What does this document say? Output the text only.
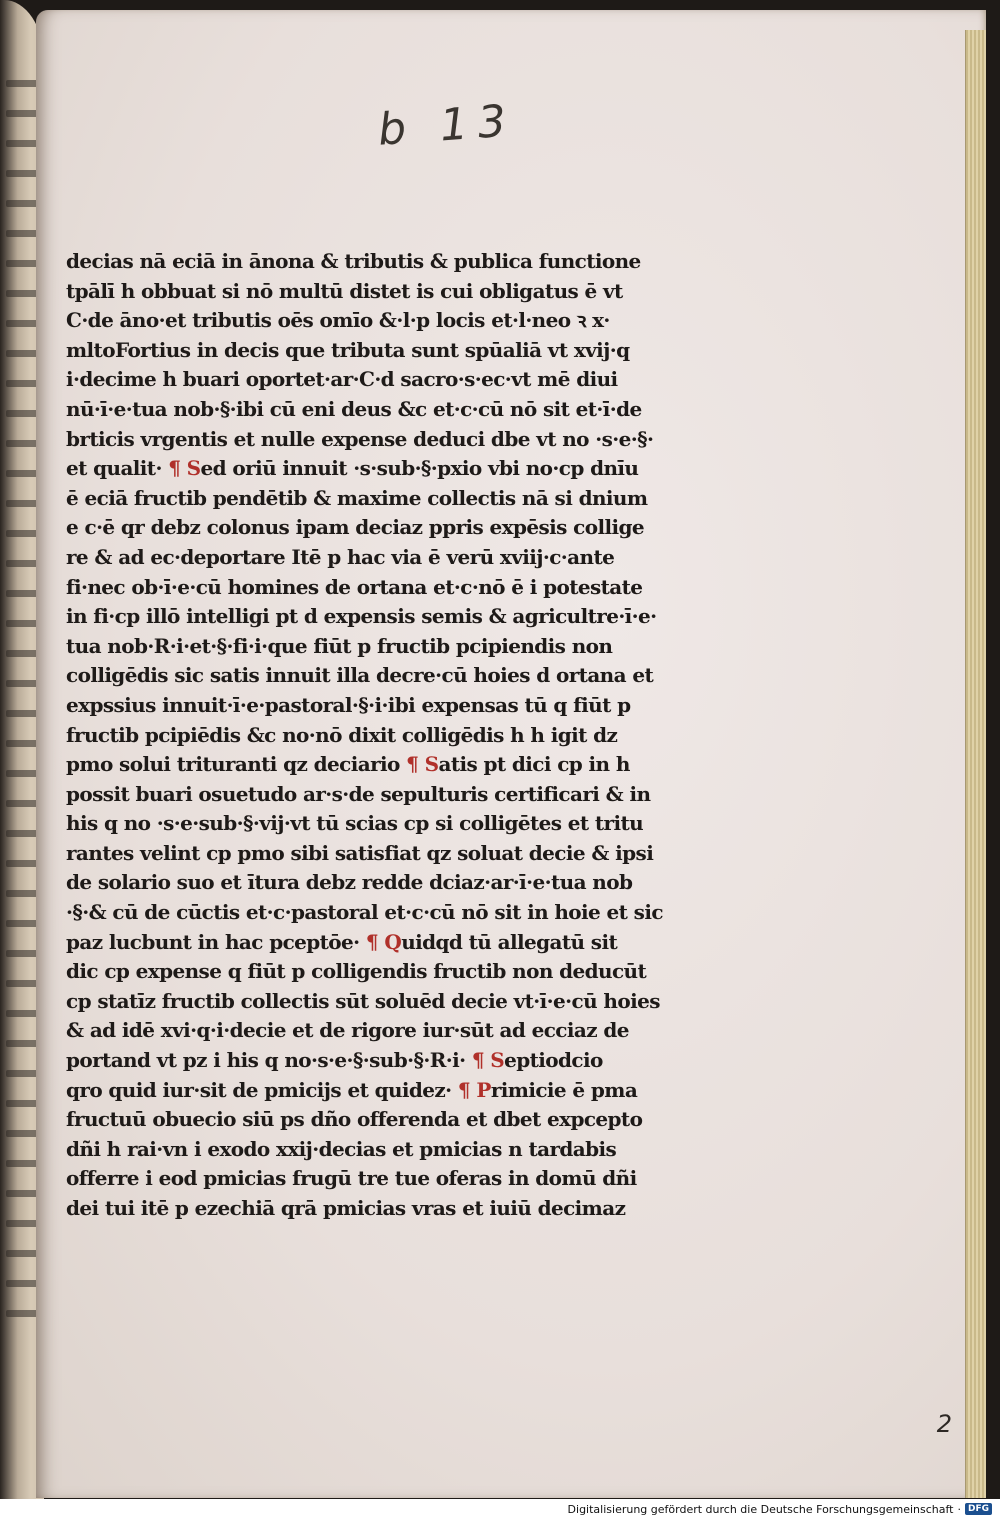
b 13
decias nā eciā in ānona & tributis & publica functione
tpālī h obbuat si nō multū distet is cui obligatus ē vt
C·de āno·et tributis oēs omīo &·l·p locis et·l·neo ꝛ x·
mltoFortius in decis que tributa sunt spūaliā vt xvij·q
i·decime h buari oportet·ar·C·d sacro·s·ec·vt mē diui
nū·ī·e·tua nob·§·ibi cū eni deus &c et·c·cū nō sit et·ī·de
brticis vrgentis et nulle expense deduci dbe vt no ·s·e·§·
et qualit· ¶ Sed oriū innuit ·s·sub·§·pxio vbi no·cp dnīu
ē eciā fructib pendētib & maxime collectis nā si dnium
e c·ē qr debz colonus ipam deciaz ppris expēsis collige
re & ad ec·deportare Itē p hac via ē verū xviij·c·ante
fi·nec ob·ī·e·cū homines de ortana et·c·nō ē i potestate
in fi·cp illō intelligi pt d expensis semis & agricultre·ī·e·
tua nob·R·i·et·§·fi·i·que fiūt p fructib pcipiendis non
colligēdis sic satis innuit illa decre·cū hoies d ortana et
expssius innuit·ī·e·pastoral·§·i·ibi expensas tū q fiūt p
fructib pcipiēdis &c no·nō dixit colligēdis h h igit dz
pmo solui trituranti qz deciario ¶ Satis pt dici cp in h
possit buari osuetudo ar·s·de sepulturis certificari & in
his q no ·s·e·sub·§·vij·vt tū scias cp si colligētes et tritu
rantes velint cp pmo sibi satisfiat qz soluat decie & ipsi
de solario suo et ītura debz redde dciaz·ar·ī·e·tua nob
·§·& cū de cūctis et·c·pastoral et·c·cū nō sit in hoie et sic
paz lucbunt in hac pceptōe· ¶ Quidqd tū allegatū sit
dic cp expense q fiūt p colligendis fructib non deducūt
cp statīz fructib collectis sūt soluēd decie vt·ī·e·cū hoies
& ad idē xvi·q·i·decie et de rigore iur·sūt ad ecciaz de
portand vt pz i his q no·s·e·§·sub·§·R·i· ¶ Septiodcio
qro quid iur·sit de pmicijs et quidez· ¶ Primicie ē pma
fructuū obuecio siū ps dño offerenda et dbet expcepto
dñi h rai·vn i exodo xxij·decias et pmicias n tardabis
offerre i eod pmicias frugū tre tue oferas in domū dñi
dei tui itē p ezechiā qrā pmicias vras et iuiū decimaz
2
Digitalisierung gefördert durch die Deutsche Forschungsgemeinschaft · DFG
